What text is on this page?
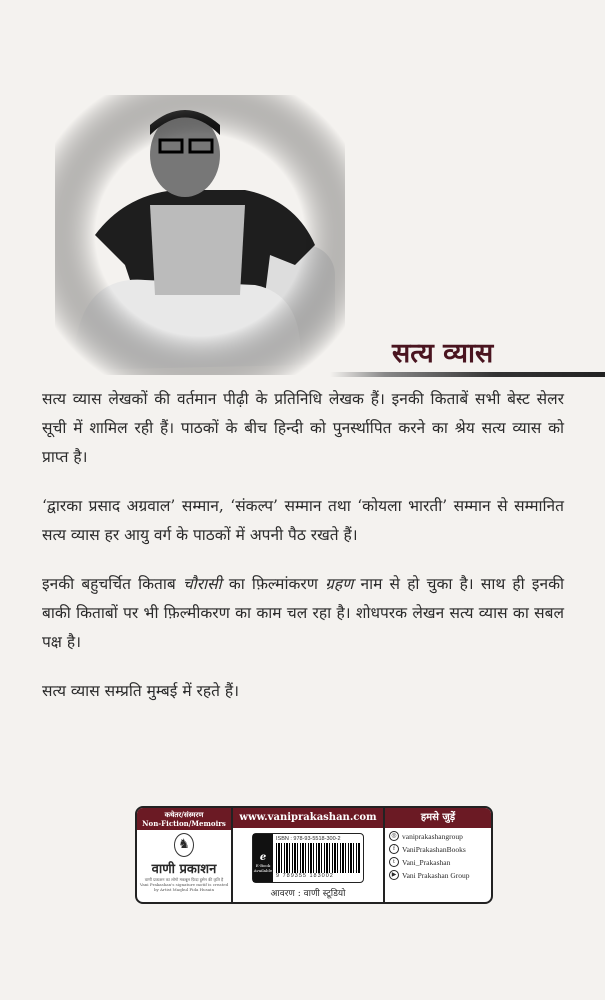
सत्य व्यास

सत्य व्यास लेखकों की वर्तमान पीढ़ी के प्रतिनिधि लेखक हैं। इनकी किताबें सभी बेस्ट सेलर सूची में शामिल रही हैं। पाठकों के बीच हिन्दी को पुनर्स्थापित करने का श्रेय सत्य व्यास को प्राप्त है।

‘द्वारका प्रसाद अग्रवाल’ सम्मान, ‘संकल्प’ सम्मान तथा ‘कोयला भारती’ सम्मान से सम्मानित सत्य व्यास हर आयु वर्ग के पाठकों में अपनी पैठ रखते हैं।

इनकी बहुचर्चित किताब चौरासी का फ़िल्मांकरण ग्रहण नाम से हो चुका है। साथ ही इनकी बाकी किताबों पर भी फ़िल्मीकरण का काम चल रहा है। शोधपरक लेखन सत्य व्यास का सबल पक्ष है।

सत्य व्यास सम्प्रति मुम्बई में रहते हैं।

कथेतर/संस्मरण
Non-Fiction/Memoirs
♞
वाणी प्रकाशन
वाणी प्रकाशन का लोगो मकबूल फ़िदा हुसेन की कृति है
Vani Prakashan's signature motif is created by Artist Maqbul Fida Husain
www.vaniprakashan.com
e
E-Book Available
ISBN : 978-93-5518-300-2
9 789355 183002
आवरण : वाणी स्टूडियो
हमसे जुड़ें
◎ vaniprakashangroup
f VaniPrakashanBooks
t Vani_Prakashan
▶ Vani Prakashan Group
